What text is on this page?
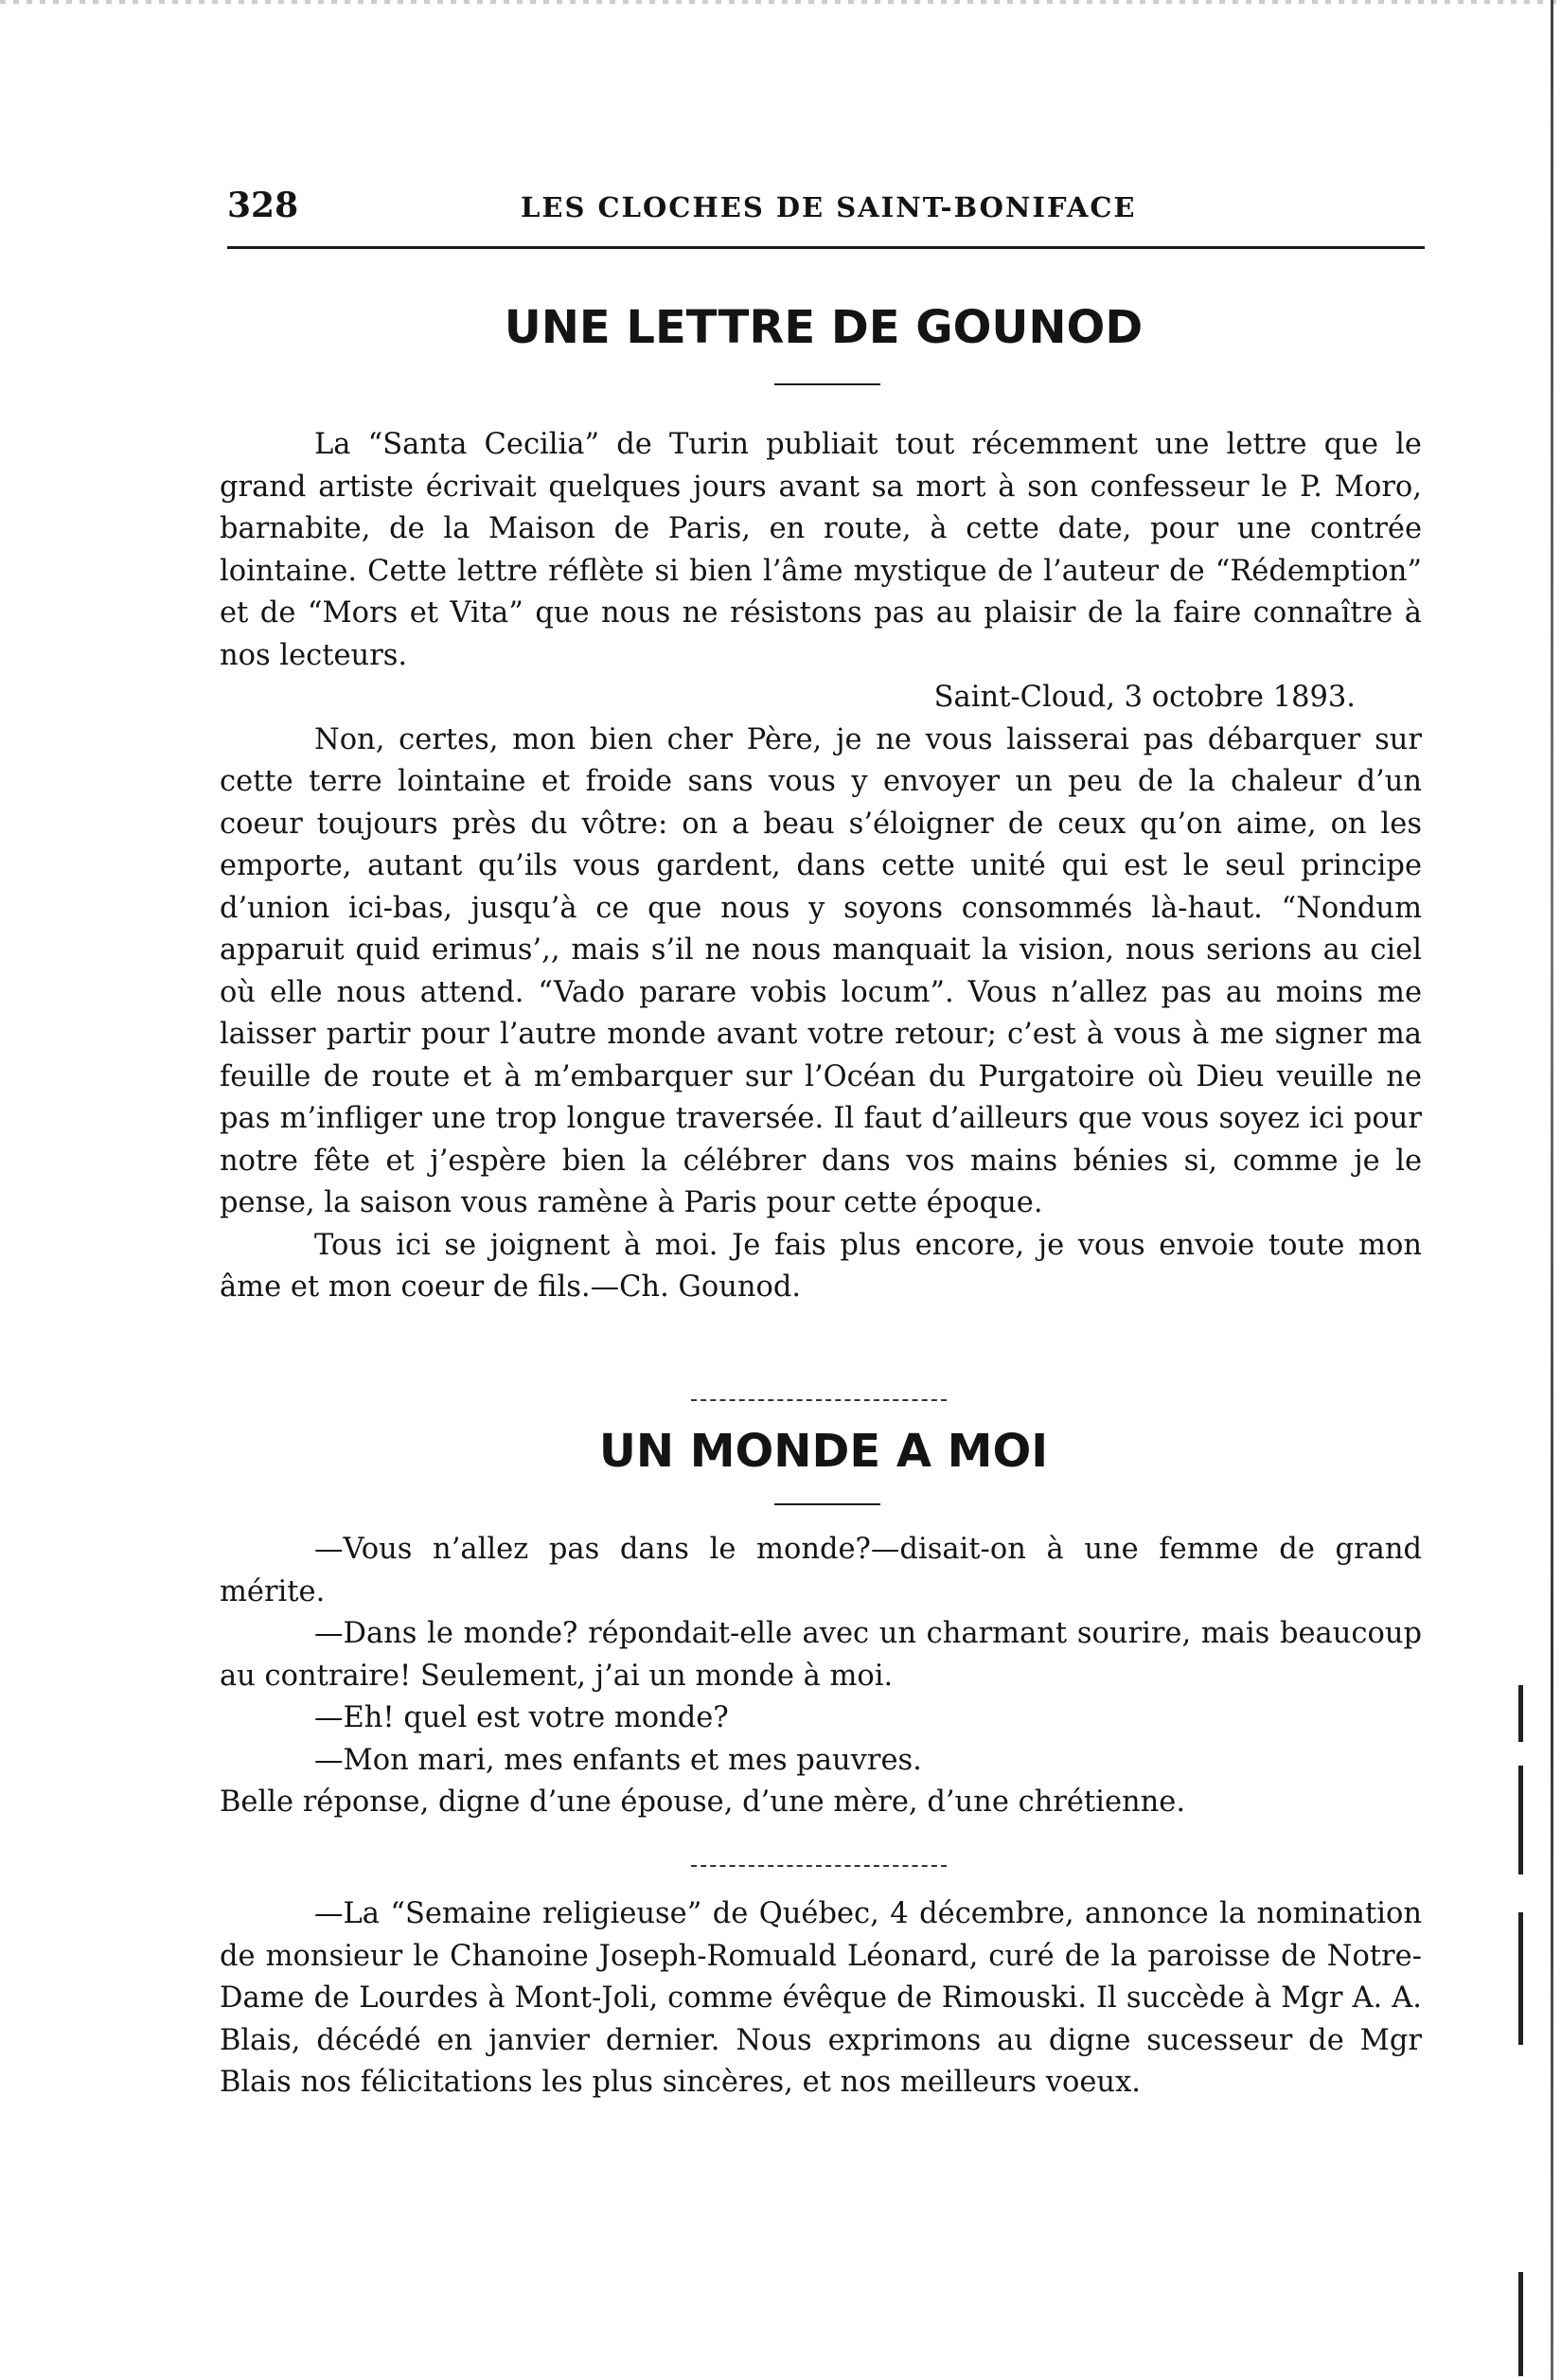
328	LES CLOCHES DE SAINT-BONIFACE
UNE LETTRE DE GOUNOD

La “Santa Cecilia” de Turin publiait tout récemment une lettre que le grand artiste écrivait quelques jours avant sa mort à son confesseur le P. Moro, barnabite, de la Maison de Paris, en route, à cette date, pour une contrée lointaine. Cette lettre réflète si bien l’âme mystique de l’auteur de “Rédemption” et de “Mors et Vita” que nous ne résistons pas au plaisir de la faire connaître à nos lecteurs.

Saint-Cloud, 3 octobre 1893.

Non, certes, mon bien cher Père, je ne vous laisserai pas débarquer sur cette terre lointaine et froide sans vous y envoyer un peu de la chaleur d’un coeur toujours près du vôtre: on a beau s’éloigner de ceux qu’on aime, on les emporte, autant qu’ils vous gardent, dans cette unité qui est le seul principe d’union ici-bas, jusqu’à ce que nous y soyons consommés là-haut. “Nondum apparuit quid erimus’,, mais s’il ne nous manquait la vision, nous serions au ciel où elle nous attend. “Vado parare vobis locum”. Vous n’allez pas au moins me laisser partir pour l’autre monde avant votre retour; c’est à vous à me signer ma feuille de route et à m’embarquer sur l’Océan du Purgatoire où Dieu veuille ne pas m’infliger une trop longue traversée. Il faut d’ailleurs que vous soyez ici pour notre fête et j’espère bien la célébrer dans vos mains bénies si, comme je le pense, la saison vous ramène à Paris pour cette époque.

Tous ici se joignent à moi. Je fais plus encore, je vous envoie toute mon âme et mon coeur de fils.—Ch. Gounod.

UN MONDE A MOI

—Vous n’allez pas dans le monde?—disait-on à une femme de grand mérite.

—Dans le monde? répondait-elle avec un charmant sourire, mais beaucoup au contraire! Seulement, j’ai un monde à moi.

—Eh! quel est votre monde?

—Mon mari, mes enfants et mes pauvres.

Belle réponse, digne d’une épouse, d’une mère, d’une chrétienne.

—La “Semaine religieuse” de Québec, 4 décembre, annonce la nomination de monsieur le Chanoine Joseph-Romuald Léonard, curé de la paroisse de Notre-Dame de Lourdes à Mont-Joli, comme évêque de Rimouski. Il succède à Mgr A. A. Blais, décédé en janvier dernier. Nous exprimons au digne sucesseur de Mgr Blais nos félicitations les plus sincères, et nos meilleurs voeux.
